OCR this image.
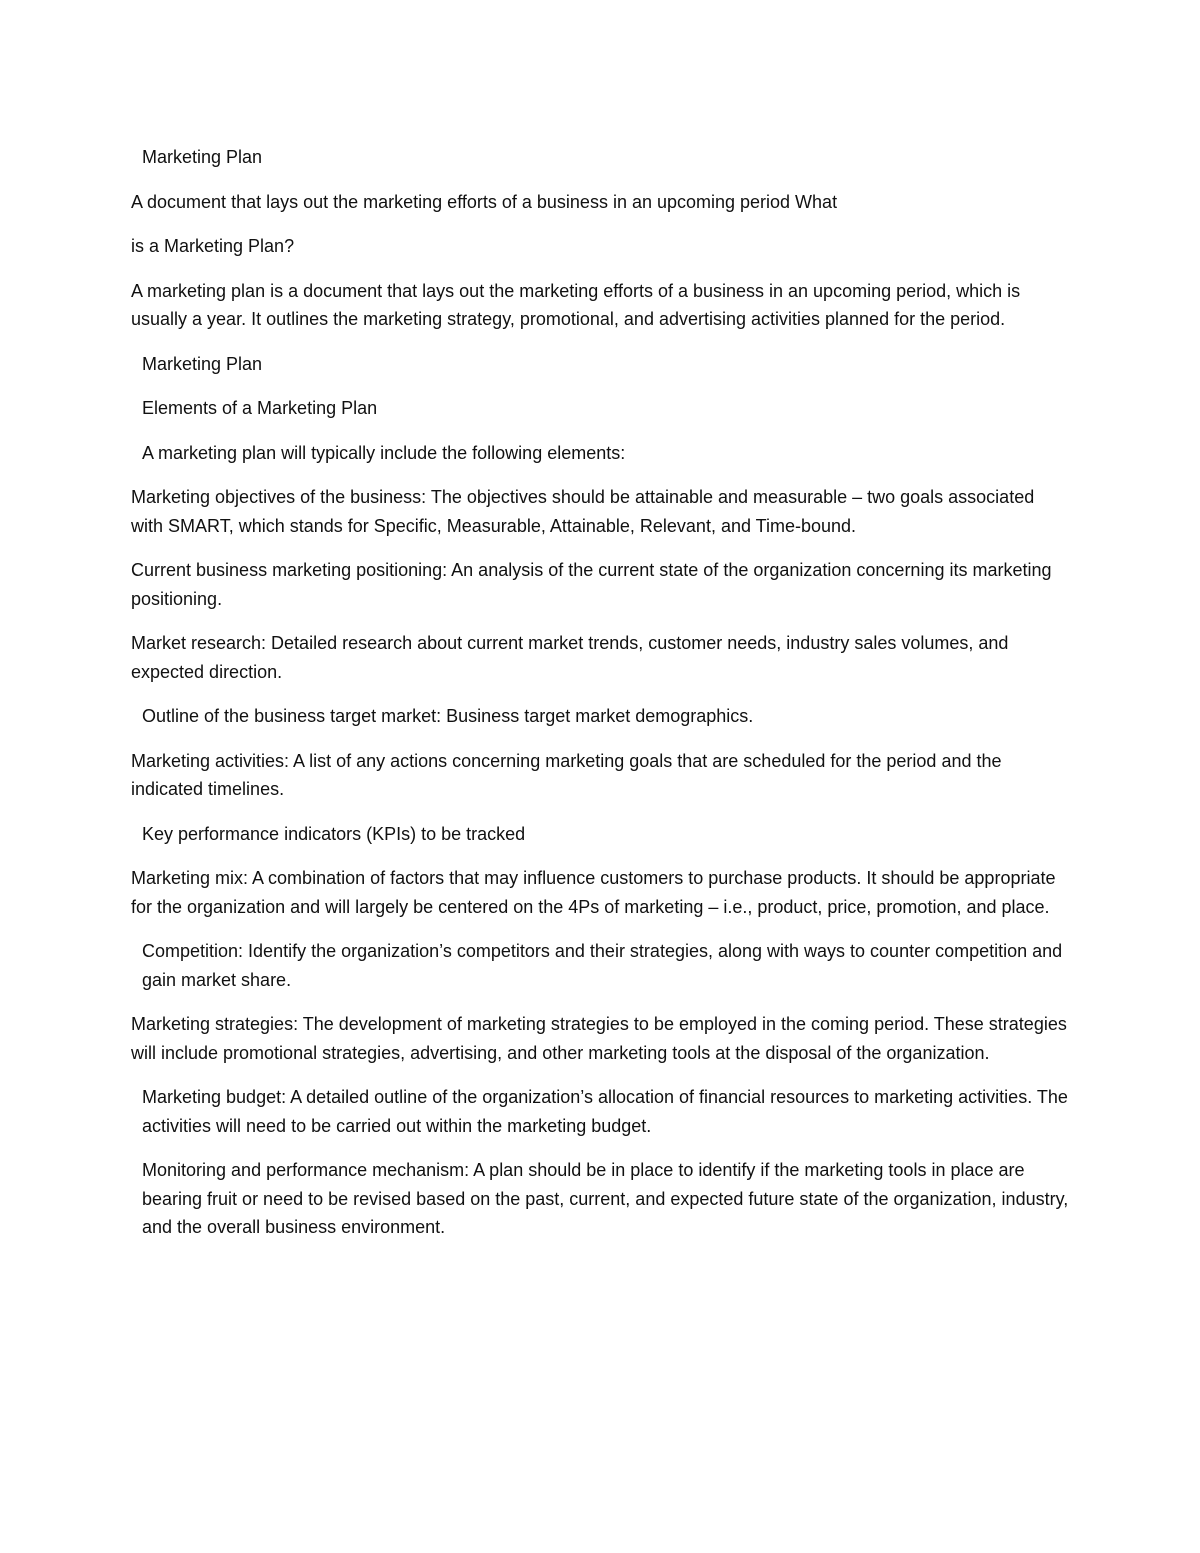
Marketing Plan

A document that lays out the marketing efforts of a business in an upcoming period What

is a Marketing Plan?

A marketing plan is a document that lays out the marketing efforts of a business in an upcoming period, which is usually a year. It outlines the marketing strategy, promotional, and advertising activities planned for the period.

Marketing Plan

Elements of a Marketing Plan

A marketing plan will typically include the following elements:

Marketing objectives of the business: The objectives should be attainable and measurable – two goals associated with SMART, which stands for Specific, Measurable, Attainable, Relevant, and Time-bound.

Current business marketing positioning: An analysis of the current state of the organization concerning its marketing positioning.

Market research: Detailed research about current market trends, customer needs, industry sales volumes, and expected direction.

Outline of the business target market: Business target market demographics.

Marketing activities: A list of any actions concerning marketing goals that are scheduled for the period and the indicated timelines.

Key performance indicators (KPIs) to be tracked

Marketing mix: A combination of factors that may influence customers to purchase products. It should be appropriate for the organization and will largely be centered on the 4Ps of marketing – i.e., product, price, promotion, and place.

Competition: Identify the organization’s competitors and their strategies, along with ways to counter competition and gain market share.

Marketing strategies: The development of marketing strategies to be employed in the coming period. These strategies will include promotional strategies, advertising, and other marketing tools at the disposal of the organization.

Marketing budget: A detailed outline of the organization’s allocation of financial resources to marketing activities. The activities will need to be carried out within the marketing budget.

Monitoring and performance mechanism: A plan should be in place to identify if the marketing tools in place are bearing fruit or need to be revised based on the past, current, and expected future state of the organization, industry, and the overall business environment.
